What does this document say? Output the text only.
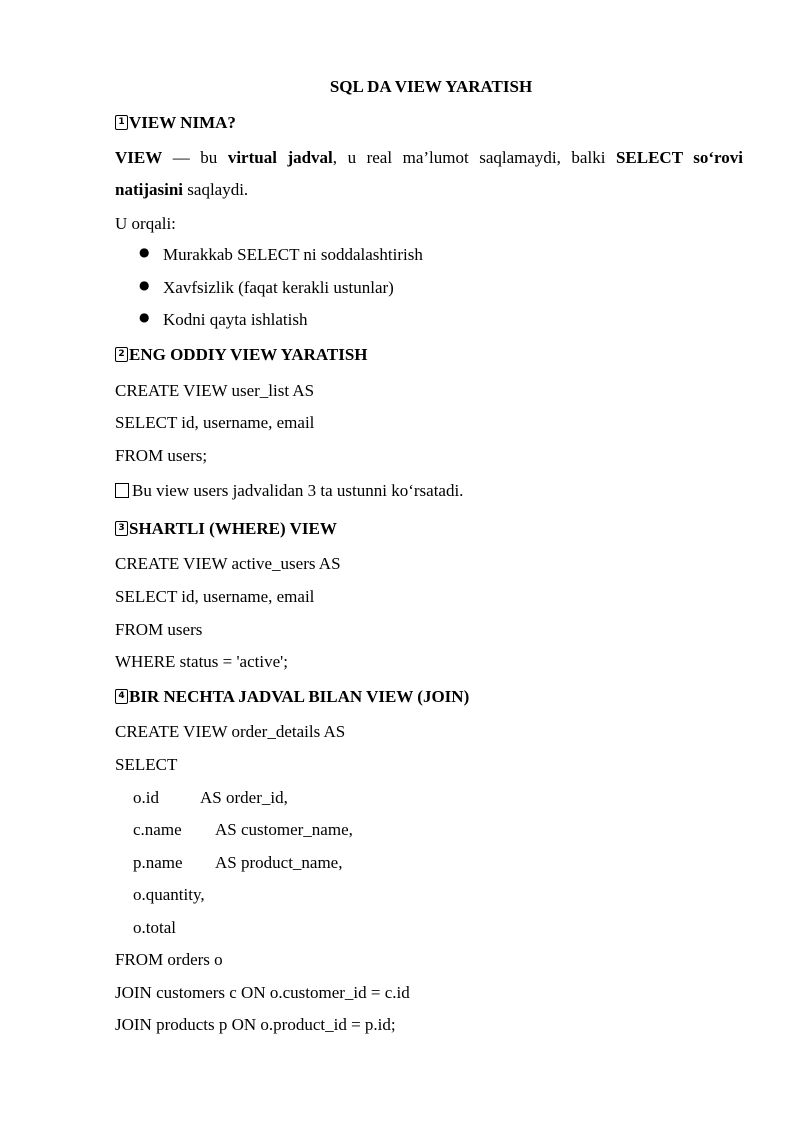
SQL DA VIEW YARATISH
1 VIEW NIMA?
VIEW — bu virtual jadval, u real ma’lumot saqlamaydi, balki SELECT so‘rovi natijasini saqlaydi.
U orqali:
● Murakkab SELECT ni soddalashtirish
● Xavfsizlik (faqat kerakli ustunlar)
● Kodni qayta ishlatish
2 ENG ODDIY VIEW YARATISH
CREATE VIEW user_list AS
SELECT id, username, email
FROM users;
Bu view users jadvalidan 3 ta ustunni ko‘rsatadi.
3 SHARTLI (WHERE) VIEW
CREATE VIEW active_users AS
SELECT id, username, email
FROM users
WHERE status = 'active';
4 BIR NECHTA JADVAL BILAN VIEW (JOIN)
CREATE VIEW order_details AS
SELECT
o.id AS order_id,
c.name AS customer_name,
p.name AS product_name,
o.quantity,
o.total
FROM orders o
JOIN customers c ON o.customer_id = c.id
JOIN products p ON o.product_id = p.id;
